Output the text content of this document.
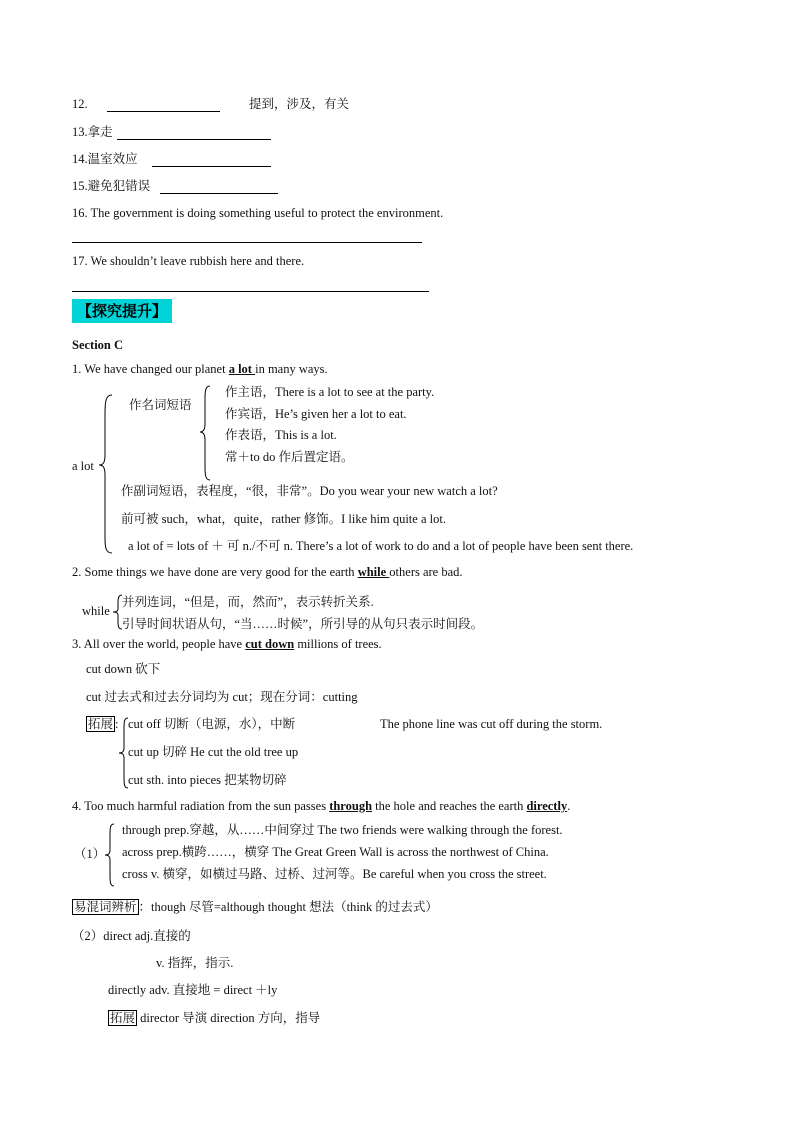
12.	提到，涉及，有关
13.拿走
14.温室效应
15.避免犯错误
16. The government is doing something useful to protect the environment.
17. We shouldn’t leave rubbish here and there.
【探究提升】
Section C
1. We have changed our planet a lot in many ways.
a lot
作名词短语
作主语，There is a lot to see at the party.
作宾语，He’s given her a lot to eat.
作表语，This is a lot.
常＋to do 作后置定语。
作副词短语，表程度，“很，非常”。Do you wear your new watch a lot?
前可被 such，what，quite，rather 修饰。I like him quite a lot.
a lot of = lots of ＋ 可 n./不可 n. There’s a lot of work to do and a lot of people have been sent there.
2. Some things we have done are very good for the earth while others are bad.
while
并列连词，“但是，而，然而”，表示转折关系.
引导时间状语从句，“当……时候”，所引导的从句只表示时间段。
3. All over the world, people have cut down millions of trees.
cut down 砍下
cut 过去式和过去分词均为 cut；现在分词：cutting
拓展 : cut off 切断（电源，水），中断	The phone line was cut off during the storm.
cut up 切碎 He cut the old tree up
cut sth. into pieces 把某物切碎
4. Too much harmful radiation from the sun passes through the hole and reaches the earth directly.
（1）
through prep.穿越，从……中间穿过 The two friends were walking through the forest.
across prep.横跨……，横穿 The Great Green Wall is across the northwest of China.
cross v. 横穿，如横过马路、过桥、过河等。Be careful when you cross the street.
易混词辨析 ：though 尽管=although thought 想法（think 的过去式）
（2）direct adj.直接的
v. 指挥，指示.
directly adv. 直接地 = direct ＋ly
拓展 director 导演 direction 方向，指导
